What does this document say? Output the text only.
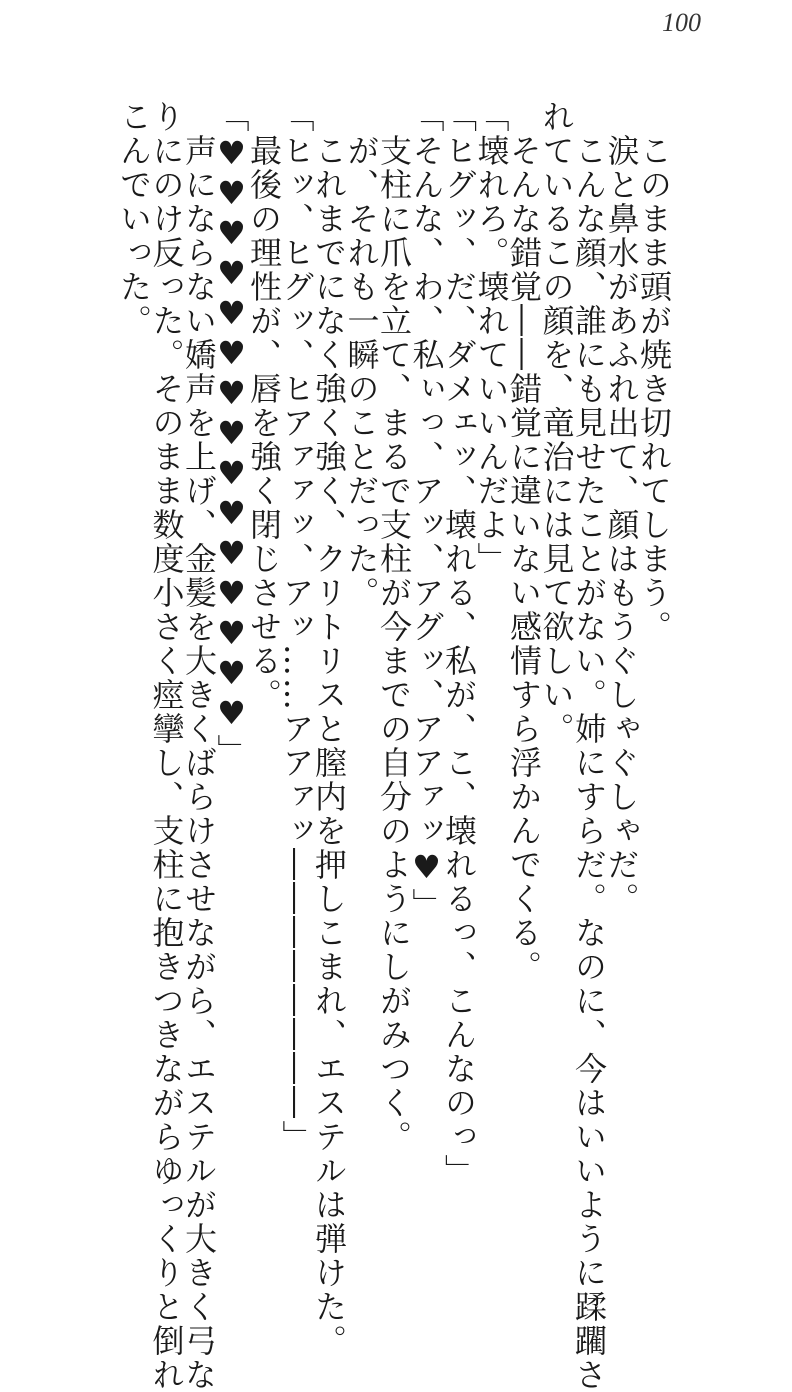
100
　このまま頭が焼き切れてしまう。
　涙と鼻水があふれ出て、顔はもうぐしゃぐしゃだ。
　こんな顔、誰にも見せたことがない。姉にすらだ。なのに、今はいいように蹂躙さ
れているこの顔を、竜治には見て欲しい。
　そんな錯覚――錯覚に違いない感情すら浮かんでくる。
「壊れろ。壊れていいんだよ」
「ヒグッ、だ、ダメェッ、壊れる、私が、こ、壊れるっ、こんなのっ」
「そんな、わ、私ぃっ、アッ、アグッ、アアァッ♥」
　支柱に爪を立て、まるで支柱が今までの自分のようにしがみつく。
　が、それも一瞬のことだった。
　これまでになく強く強く、クリトリスと膣内を押しこまれ、エステルは弾けた。
「ヒッ、ヒグッ、ヒアァァッ、アッ……アアァッ――――――――」
　最後の理性が、唇を強く閉じさせる。
「♥♥♥♥♥♥♥♥♥♥♥♥♥♥♥」
　声にならない嬌声を上げ、金髪を大きくばらけさせながら、エステルが大きく弓な
りにのけ反った。そのまま数度小さく痙攣し、支柱に抱きつきながらゆっくりと倒れ
こんでいった。
